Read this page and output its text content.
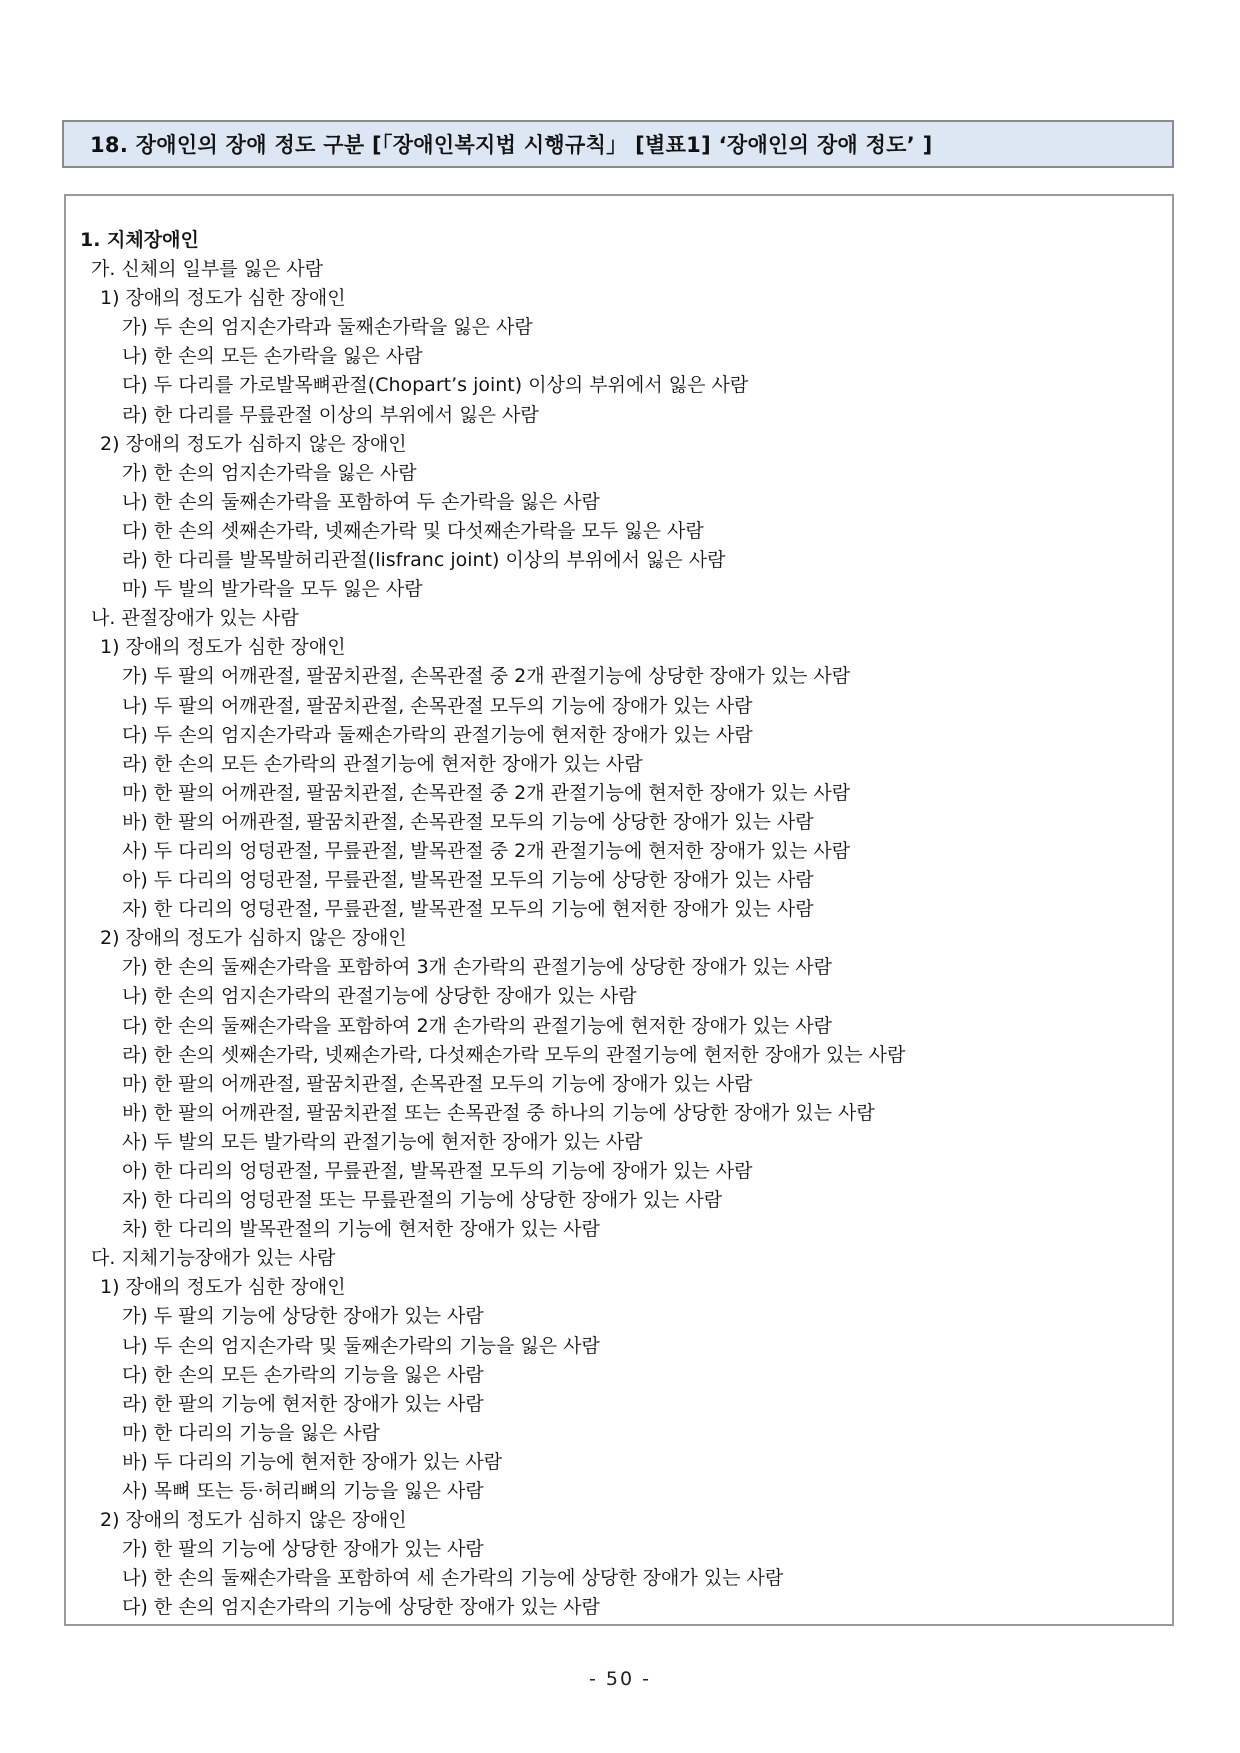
18. 장애인의 장애 정도 구분 [「장애인복지법 시행규칙」 [별표1] ‘장애인의 장애 정도’ ]
1. 지체장애인
가. 신체의 일부를 잃은 사람
1) 장애의 정도가 심한 장애인
가) 두 손의 엄지손가락과 둘째손가락을 잃은 사람
나) 한 손의 모든 손가락을 잃은 사람
다) 두 다리를 가로발목뼈관절(Chopart’s joint) 이상의 부위에서 잃은 사람
라) 한 다리를 무릎관절 이상의 부위에서 잃은 사람
2) 장애의 정도가 심하지 않은 장애인
가) 한 손의 엄지손가락을 잃은 사람
나) 한 손의 둘째손가락을 포함하여 두 손가락을 잃은 사람
다) 한 손의 셋째손가락, 넷째손가락 및 다섯째손가락을 모두 잃은 사람
라) 한 다리를 발목발허리관절(lisfranc joint) 이상의 부위에서 잃은 사람
마) 두 발의 발가락을 모두 잃은 사람
나. 관절장애가 있는 사람
1) 장애의 정도가 심한 장애인
가) 두 팔의 어깨관절, 팔꿈치관절, 손목관절 중 2개 관절기능에 상당한 장애가 있는 사람
나) 두 팔의 어깨관절, 팔꿈치관절, 손목관절 모두의 기능에 장애가 있는 사람
다) 두 손의 엄지손가락과 둘째손가락의 관절기능에 현저한 장애가 있는 사람
라) 한 손의 모든 손가락의 관절기능에 현저한 장애가 있는 사람
마) 한 팔의 어깨관절, 팔꿈치관절, 손목관절 중 2개 관절기능에 현저한 장애가 있는 사람
바) 한 팔의 어깨관절, 팔꿈치관절, 손목관절 모두의 기능에 상당한 장애가 있는 사람
사) 두 다리의 엉덩관절, 무릎관절, 발목관절 중 2개 관절기능에 현저한 장애가 있는 사람
아) 두 다리의 엉덩관절, 무릎관절, 발목관절 모두의 기능에 상당한 장애가 있는 사람
자) 한 다리의 엉덩관절, 무릎관절, 발목관절 모두의 기능에 현저한 장애가 있는 사람
2) 장애의 정도가 심하지 않은 장애인
가) 한 손의 둘째손가락을 포함하여 3개 손가락의 관절기능에 상당한 장애가 있는 사람
나) 한 손의 엄지손가락의 관절기능에 상당한 장애가 있는 사람
다) 한 손의 둘째손가락을 포함하여 2개 손가락의 관절기능에 현저한 장애가 있는 사람
라) 한 손의 셋째손가락, 넷째손가락, 다섯째손가락 모두의 관절기능에 현저한 장애가 있는 사람
마) 한 팔의 어깨관절, 팔꿈치관절, 손목관절 모두의 기능에 장애가 있는 사람
바) 한 팔의 어깨관절, 팔꿈치관절 또는 손목관절 중 하나의 기능에 상당한 장애가 있는 사람
사) 두 발의 모든 발가락의 관절기능에 현저한 장애가 있는 사람
아) 한 다리의 엉덩관절, 무릎관절, 발목관절 모두의 기능에 장애가 있는 사람
자) 한 다리의 엉덩관절 또는 무릎관절의 기능에 상당한 장애가 있는 사람
차) 한 다리의 발목관절의 기능에 현저한 장애가 있는 사람
다. 지체기능장애가 있는 사람
1) 장애의 정도가 심한 장애인
가) 두 팔의 기능에 상당한 장애가 있는 사람
나) 두 손의 엄지손가락 및 둘째손가락의 기능을 잃은 사람
다) 한 손의 모든 손가락의 기능을 잃은 사람
라) 한 팔의 기능에 현저한 장애가 있는 사람
마) 한 다리의 기능을 잃은 사람
바) 두 다리의 기능에 현저한 장애가 있는 사람
사) 목뼈 또는 등·허리뼈의 기능을 잃은 사람
2) 장애의 정도가 심하지 않은 장애인
가) 한 팔의 기능에 상당한 장애가 있는 사람
나) 한 손의 둘째손가락을 포함하여 세 손가락의 기능에 상당한 장애가 있는 사람
다) 한 손의 엄지손가락의 기능에 상당한 장애가 있는 사람
- 50 -
